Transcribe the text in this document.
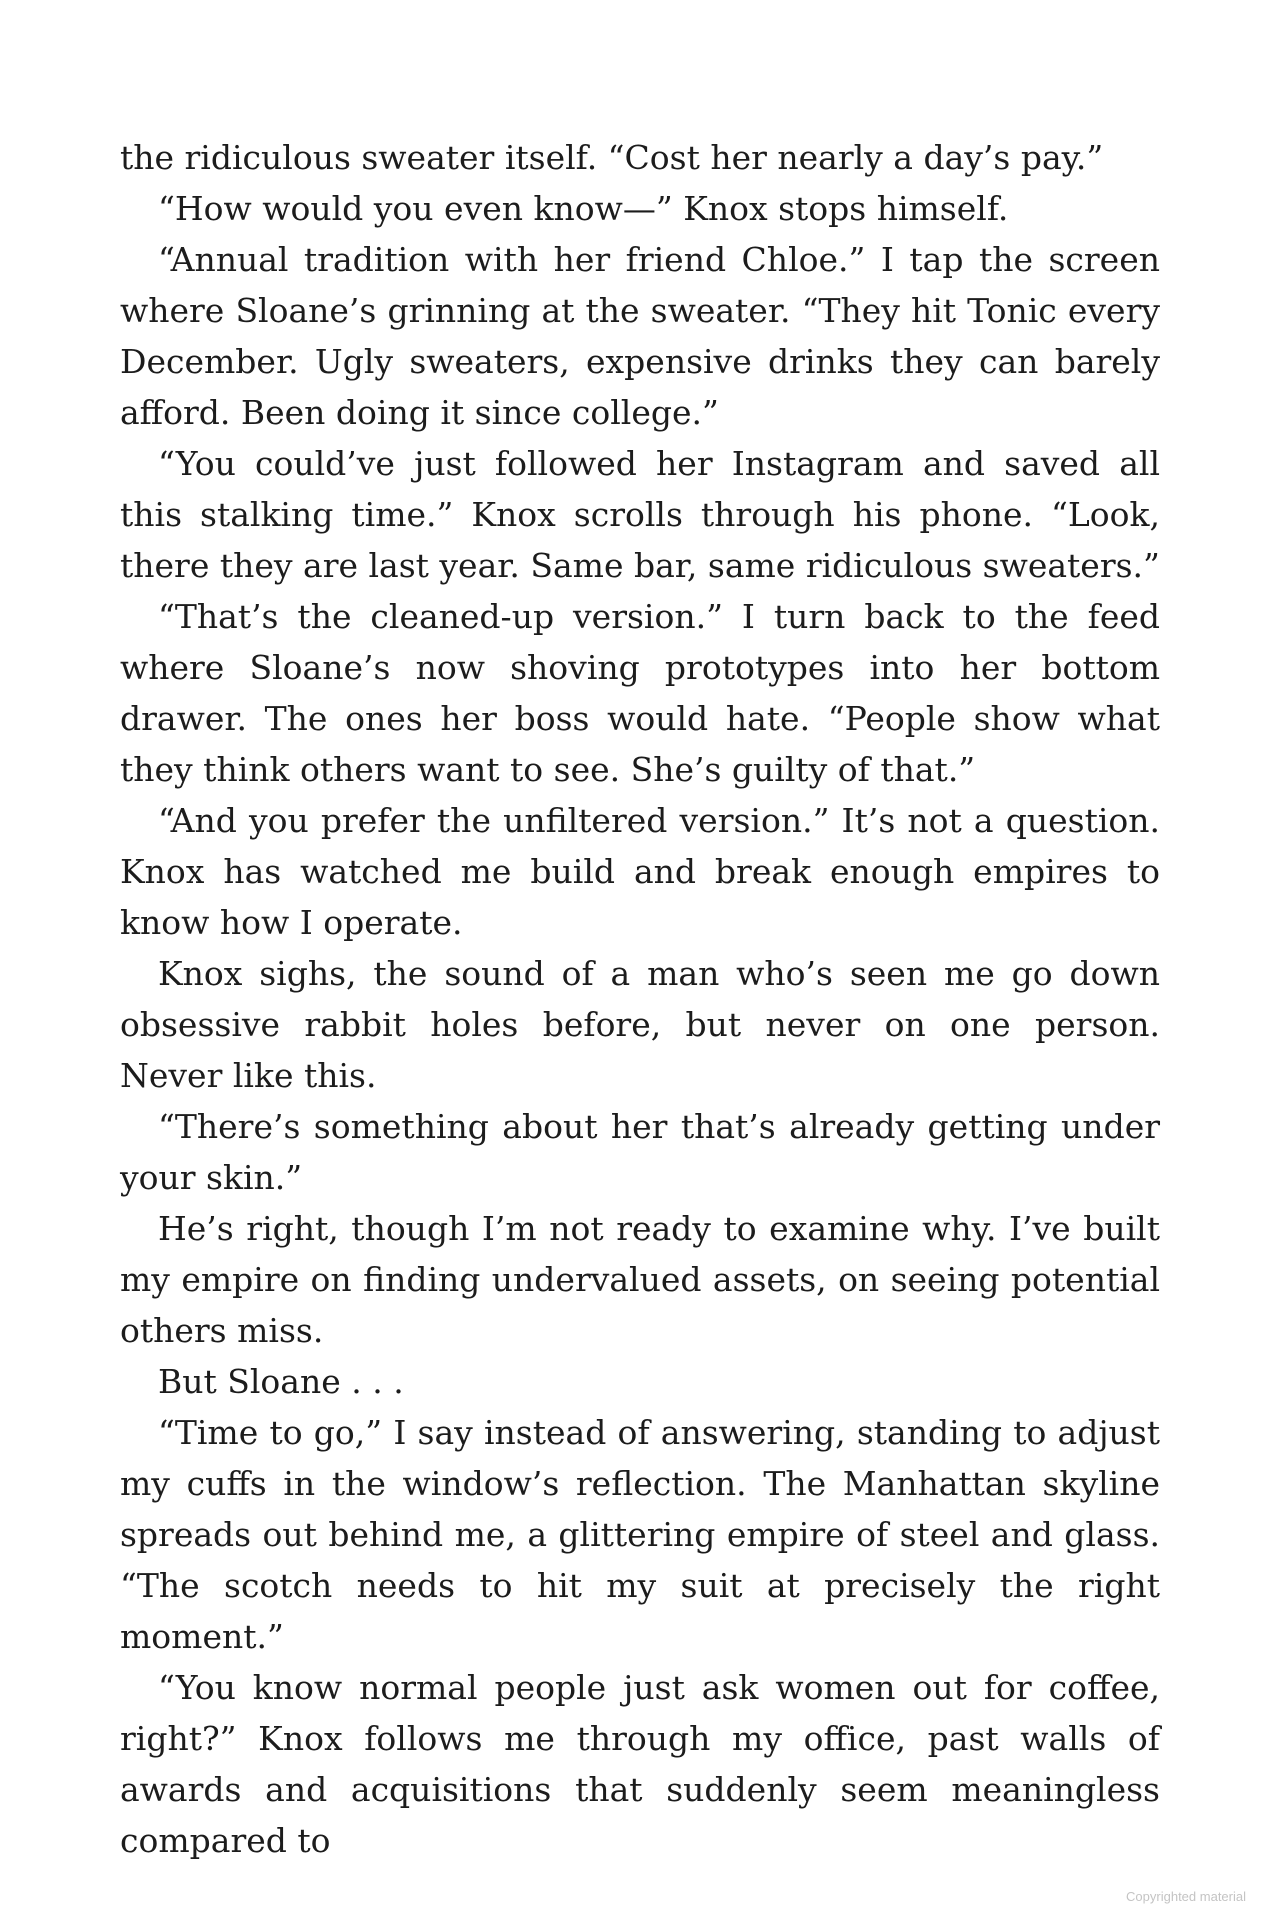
the ridiculous sweater itself. “Cost her nearly a day’s pay.”

“How would you even know—” Knox stops himself.

“Annual tradition with her friend Chloe.” I tap the screen where Sloane’s grinning at the sweater. “They hit Tonic every December. Ugly sweaters, expensive drinks they can barely afford. Been doing it since college.”

“You could’ve just followed her Instagram and saved all this stalking time.” Knox scrolls through his phone. “Look, there they are last year. Same bar, same ridiculous sweaters.”

“That’s the cleaned-up version.” I turn back to the feed where Sloane’s now shoving prototypes into her bottom drawer. The ones her boss would hate. “People show what they think others want to see. She’s guilty of that.”

“And you prefer the unfiltered version.” It’s not a question. Knox has watched me build and break enough empires to know how I operate.

Knox sighs, the sound of a man who’s seen me go down obsessive rabbit holes before, but never on one person. Never like this.

“There’s something about her that’s already getting under your skin.”

He’s right, though I’m not ready to examine why. I’ve built my empire on finding undervalued assets, on seeing potential others miss.

But Sloane . . .

“Time to go,” I say instead of answering, standing to adjust my cuffs in the window’s reflection. The Manhattan skyline spreads out behind me, a glittering empire of steel and glass. “The scotch needs to hit my suit at precisely the right moment.”

“You know normal people just ask women out for coffee, right?” Knox follows me through my office, past walls of awards and acquisitions that suddenly seem meaningless compared to

Copyrighted material
